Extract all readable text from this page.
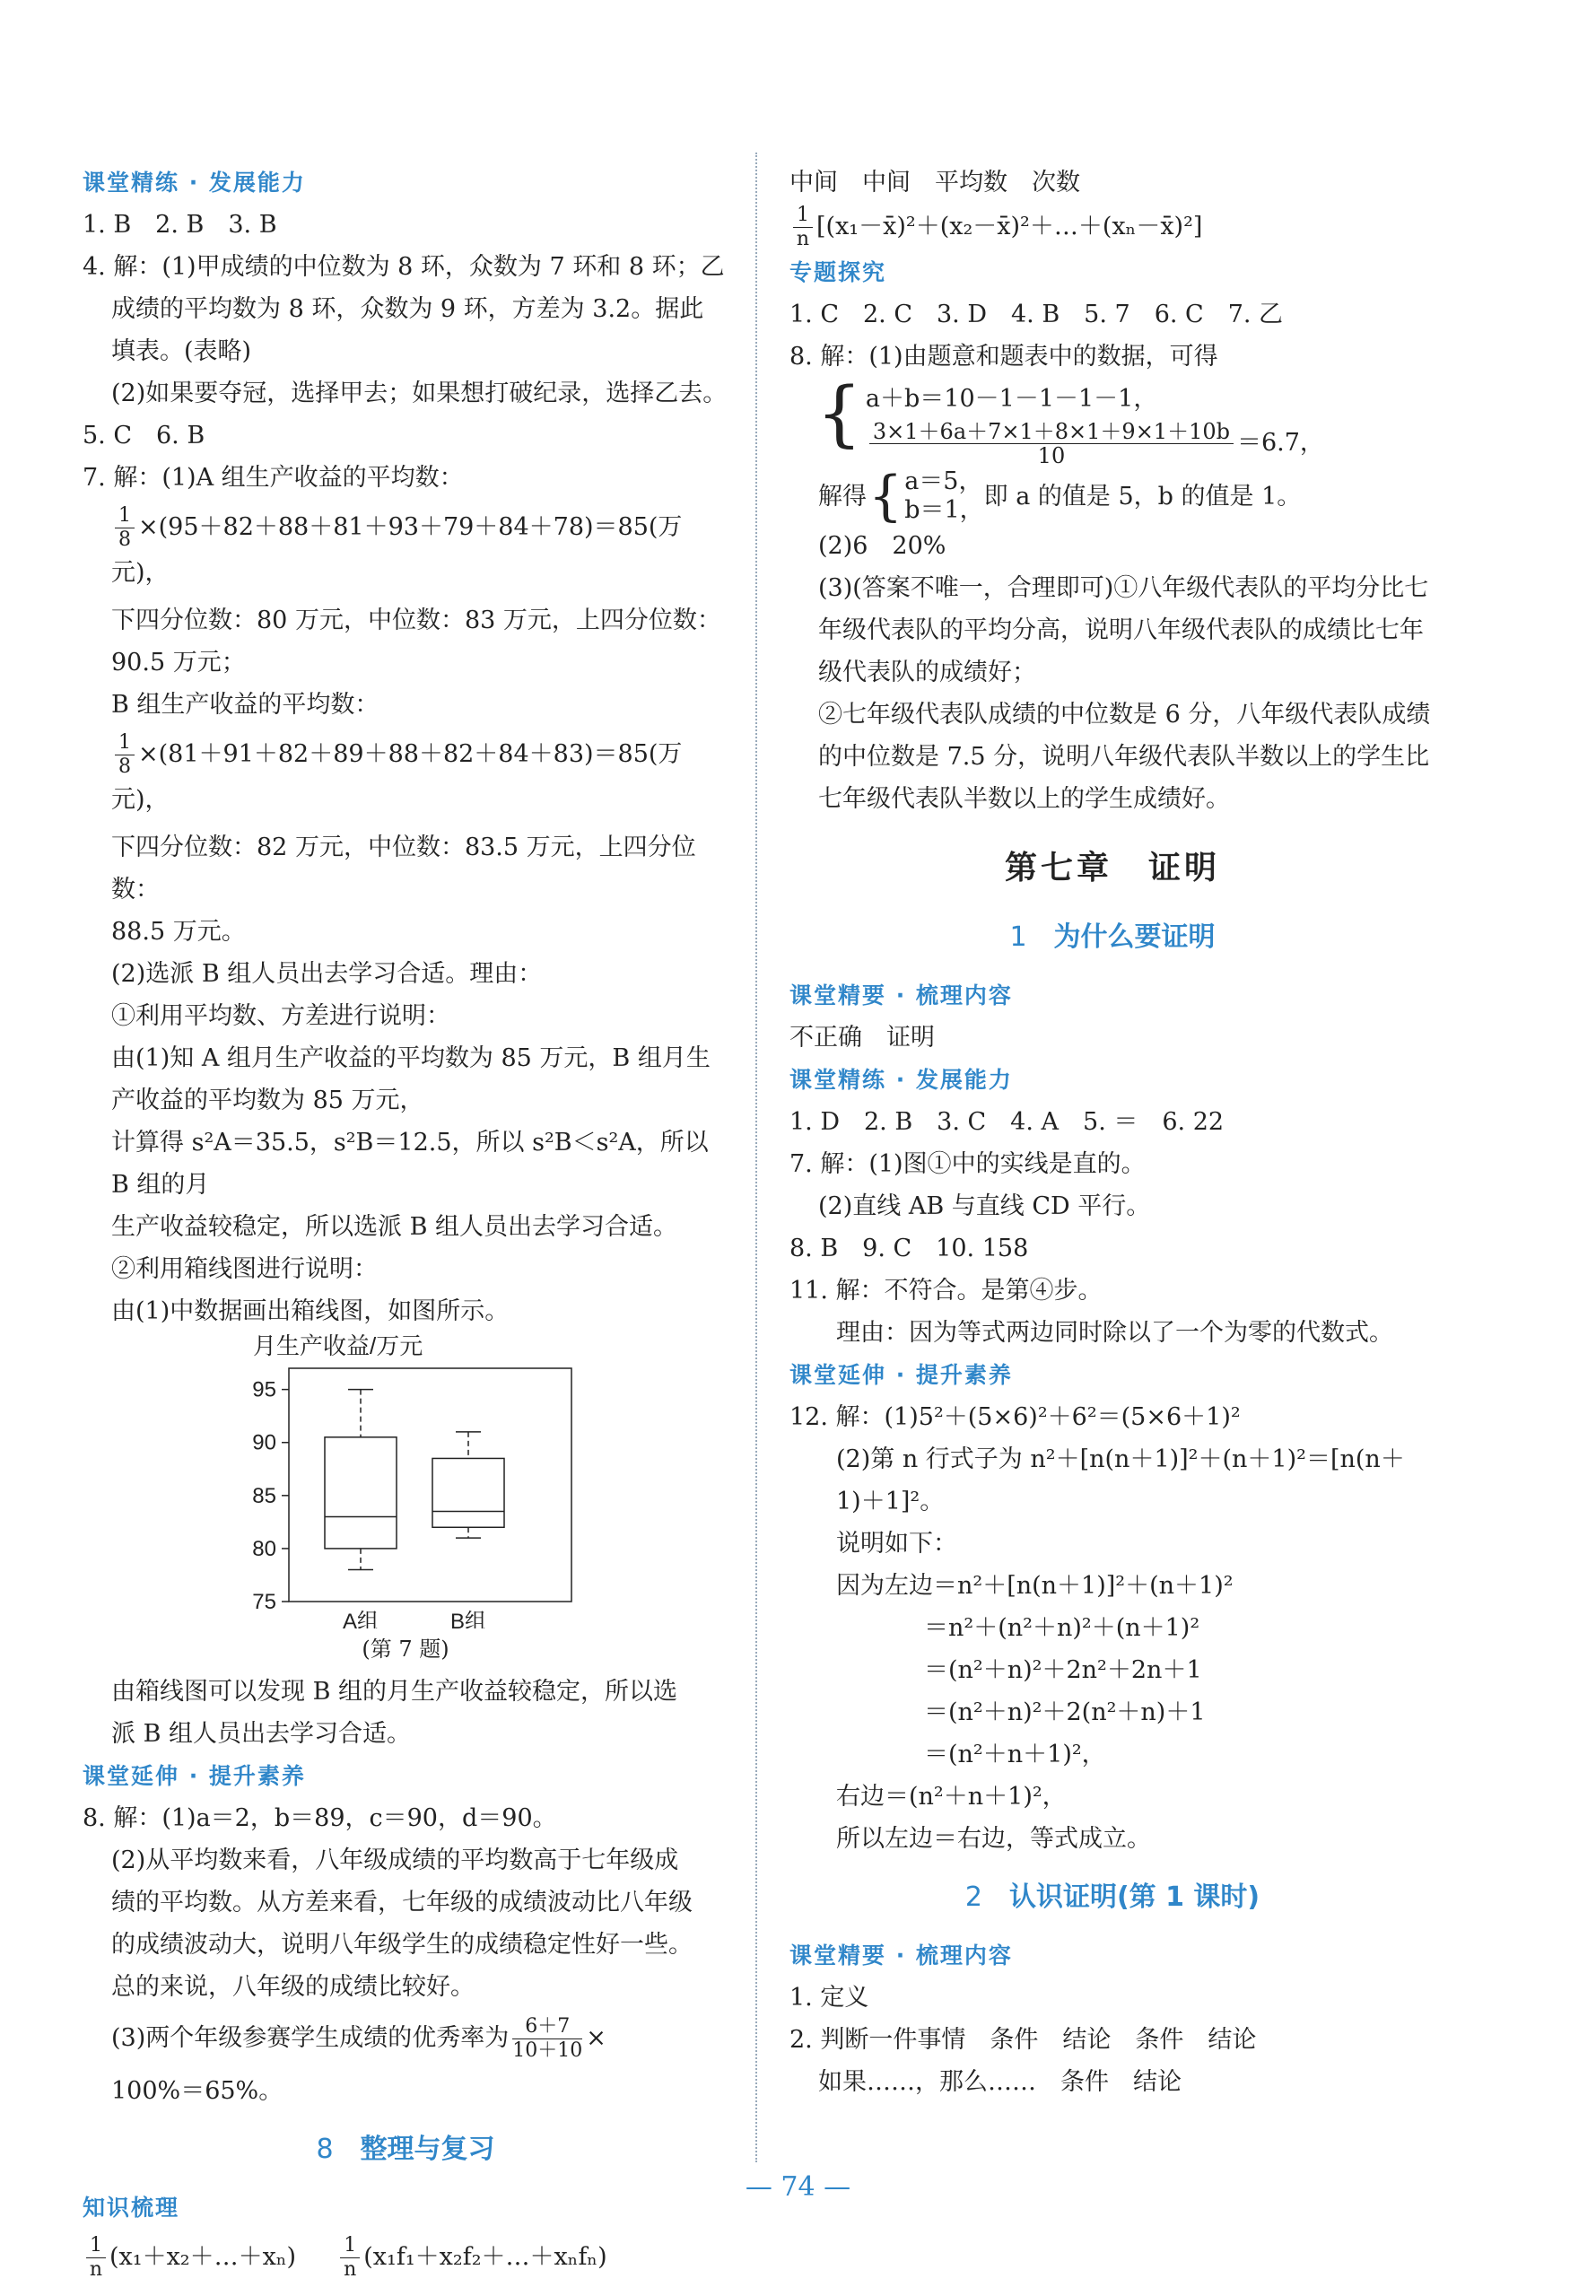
课堂精练 · 发展能力
1. B　2. B　3. B
4. 解：(1)甲成绩的中位数为 8 环，众数为 7 环和 8 环；乙
成绩的平均数为 8 环，众数为 9 环，方差为 3.2。据此
填表。(表略)
(2)如果要夺冠，选择甲去；如果想打破纪录，选择乙去。
5. C　6. B
7. 解：(1)A 组生产收益的平均数：
$\frac{1}{8} \times(95+82+88+81+93+79+84+78)=85$(万元)，
下四分位数：80 万元，中位数：83 万元，上四分位数：
90.5 万元；
B 组生产收益的平均数：
$\frac{1}{8} \times(81+91+82+89+88+82+84+83)=85$(万元)，
下四分位数：82 万元，中位数：83.5 万元，上四分位数：
88.5 万元。
(2)选派 B 组人员出去学习合适。理由：
①利用平均数、方差进行说明：
由(1)知 A 组月生产收益的平均数为 85 万元，B 组月生
产收益的平均数为 85 万元，
计算得 s²A＝35.5，s²B＝12.5，所以 s²B＜s²A，所以 B 组的月
生产收益较稳定，所以选派 B 组人员出去学习合适。
②利用箱线图进行说明：
由(1)中数据画出箱线图，如图所示。
月生产收益/万元
75
80
85
90
95
A组	B组
(第 7 题)
由箱线图可以发现 B 组的月生产收益较稳定，所以选
派 B 组人员出去学习合适。
课堂延伸 · 提升素养
8. 解：(1)a＝2，b＝89，c＝90，d＝90。
(2)从平均数来看，八年级成绩的平均数高于七年级成
绩的平均数。从方差来看，七年级的成绩波动比八年级
的成绩波动大，说明八年级学生的成绩稳定性好一些。
总的来说，八年级的成绩比较好。
(3)两个年级参赛学生成绩的优秀率为 $\frac{6+7}{10+10}$ ×
100%＝65%。
8 整理与复习
知识梳理
$\frac{1}{n}$ (x₁＋x₂＋…＋xₙ) $\frac{1}{n}$ (x₁f₁＋x₂f₂＋…＋xₙfₙ)
中间　中间　平均数　次数
$\frac{1}{n}$ [(x₁－x̄)²＋(x₂－x̄)²＋…＋(xₙ－x̄)²]
专题探究
1. C　2. C　3. D　4. B　5. 7　6. C　7. 乙
8. 解：(1)由题意和题表中的数据，可得
{ a＋b＝10－1－1－1－1，
$\frac{3\times 1+6a+7\times 1+8\times 1+9\times 1+10b}{10} =6.7$，
解得 { a＝5，
b＝1， 即 a 的值是 5，b 的值是 1。
(2)6　20%
(3)(答案不唯一，合理即可)①八年级代表队的平均分比七
年级代表队的平均分高，说明八年级代表队的成绩比七年
级代表队的成绩好；
②七年级代表队成绩的中位数是 6 分，八年级代表队成绩
的中位数是 7.5 分，说明八年级代表队半数以上的学生比
七年级代表队半数以上的学生成绩好。
第七章　证明
1 为什么要证明
课堂精要 · 梳理内容
不正确　证明
课堂精练 · 发展能力
1. D　2. B　3. C　4. A　5. ＝　6. 22
7. 解：(1)图①中的实线是直的。
(2)直线 AB 与直线 CD 平行。
8. B　9. C　10. 158
11. 解：不符合。是第④步。
理由：因为等式两边同时除以了一个为零的代数式。
课堂延伸 · 提升素养
12. 解：(1)5²＋(5×6)²＋6²＝(5×6＋1)²
(2)第 n 行式子为 n²＋[n(n＋1)]²＋(n＋1)²＝[n(n＋
1)＋1]²。
说明如下：
因为左边＝n²＋[n(n＋1)]²＋(n＋1)²
＝n²＋(n²＋n)²＋(n＋1)²
＝(n²＋n)²＋2n²＋2n＋1
＝(n²＋n)²＋2(n²＋n)＋1
＝(n²＋n＋1)²，
右边＝(n²＋n＋1)²，
所以左边＝右边，等式成立。
2 认识证明(第 1 课时)
课堂精要 · 梳理内容
1. 定义
2. 判断一件事情　条件　结论　条件　结论
如果……，那么……　条件　结论
— 74 —
